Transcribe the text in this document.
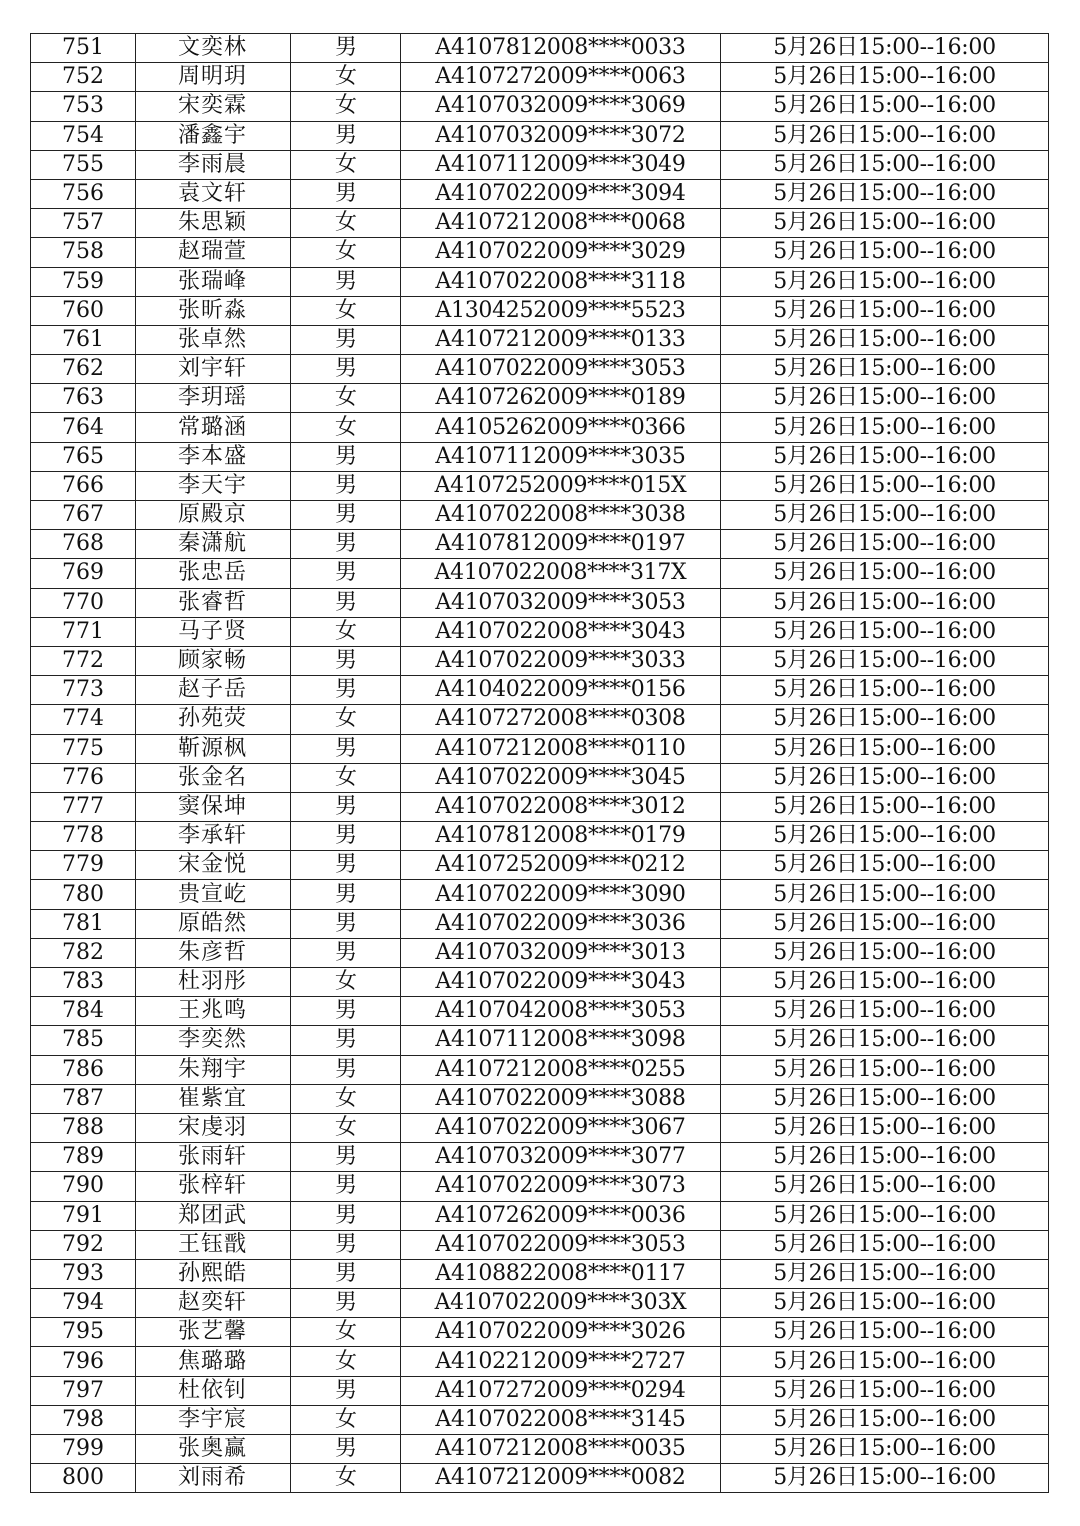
751	文奕林	男	A4107812008****0033	5月26日15:00--16:00
752	周明玥	女	A4107272009****0063	5月26日15:00--16:00
753	宋奕霖	女	A4107032009****3069	5月26日15:00--16:00
754	潘鑫宇	男	A4107032009****3072	5月26日15:00--16:00
755	李雨晨	女	A4107112009****3049	5月26日15:00--16:00
756	袁文轩	男	A4107022009****3094	5月26日15:00--16:00
757	朱思颖	女	A4107212008****0068	5月26日15:00--16:00
758	赵瑞萱	女	A4107022009****3029	5月26日15:00--16:00
759	张瑞峰	男	A4107022008****3118	5月26日15:00--16:00
760	张昕淼	女	A1304252009****5523	5月26日15:00--16:00
761	张卓然	男	A4107212009****0133	5月26日15:00--16:00
762	刘宇轩	男	A4107022009****3053	5月26日15:00--16:00
763	李玥瑶	女	A4107262009****0189	5月26日15:00--16:00
764	常璐涵	女	A4105262009****0366	5月26日15:00--16:00
765	李本盛	男	A4107112009****3035	5月26日15:00--16:00
766	李天宇	男	A4107252009****015X	5月26日15:00--16:00
767	原殿京	男	A4107022008****3038	5月26日15:00--16:00
768	秦潇航	男	A4107812009****0197	5月26日15:00--16:00
769	张忠岳	男	A4107022008****317X	5月26日15:00--16:00
770	张睿哲	男	A4107032009****3053	5月26日15:00--16:00
771	马子贤	女	A4107022008****3043	5月26日15:00--16:00
772	顾家畅	男	A4107022009****3033	5月26日15:00--16:00
773	赵子岳	男	A4104022009****0156	5月26日15:00--16:00
774	孙苑荧	女	A4107272008****0308	5月26日15:00--16:00
775	靳源枫	男	A4107212008****0110	5月26日15:00--16:00
776	张金名	女	A4107022009****3045	5月26日15:00--16:00
777	窦保坤	男	A4107022008****3012	5月26日15:00--16:00
778	李承轩	男	A4107812008****0179	5月26日15:00--16:00
779	宋金悦	男	A4107252009****0212	5月26日15:00--16:00
780	贵宣屹	男	A4107022009****3090	5月26日15:00--16:00
781	原皓然	男	A4107022009****3036	5月26日15:00--16:00
782	朱彦哲	男	A4107032009****3013	5月26日15:00--16:00
783	杜羽彤	女	A4107022009****3043	5月26日15:00--16:00
784	王兆鸣	男	A4107042008****3053	5月26日15:00--16:00
785	李奕然	男	A4107112008****3098	5月26日15:00--16:00
786	朱翔宇	男	A4107212008****0255	5月26日15:00--16:00
787	崔紫宜	女	A4107022009****3088	5月26日15:00--16:00
788	宋虔羽	女	A4107022009****3067	5月26日15:00--16:00
789	张雨轩	男	A4107032009****3077	5月26日15:00--16:00
790	张梓轩	男	A4107022009****3073	5月26日15:00--16:00
791	郑团武	男	A4107262009****0036	5月26日15:00--16:00
792	王钰戬	男	A4107022009****3053	5月26日15:00--16:00
793	孙熙皓	男	A4108822008****0117	5月26日15:00--16:00
794	赵奕轩	男	A4107022009****303X	5月26日15:00--16:00
795	张艺馨	女	A4107022009****3026	5月26日15:00--16:00
796	焦璐璐	女	A4102212009****2727	5月26日15:00--16:00
797	杜依钊	男	A4107272009****0294	5月26日15:00--16:00
798	李宇宸	女	A4107022008****3145	5月26日15:00--16:00
799	张奥赢	男	A4107212008****0035	5月26日15:00--16:00
800	刘雨希	女	A4107212009****0082	5月26日15:00--16:00
